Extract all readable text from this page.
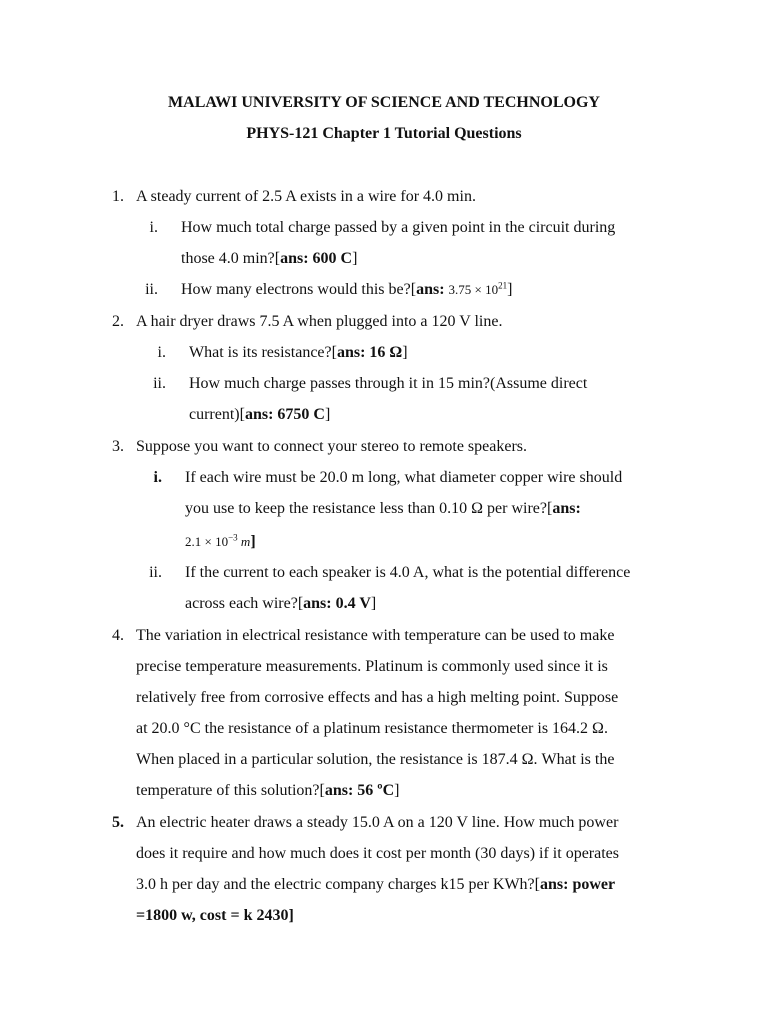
MALAWI UNIVERSITY OF SCIENCE AND TECHNOLOGY
PHYS-121 Chapter 1 Tutorial Questions
1. A steady current of 2.5 A exists in a wire for 4.0 min.
i. How much total charge passed by a given point in the circuit during
those 4.0 min?[ans: 600 C]
ii. How many electrons would this be?[ans: $3.75 \times 10^{21}$]
2. A hair dryer draws 7.5 A when plugged into a 120 V line.
i. What is its resistance?[ans: 16 Ω]
ii. How much charge passes through it in 15 min?(Assume direct
current)[ans: 6750 C]
3. Suppose you want to connect your stereo to remote speakers.
i. If each wire must be 20.0 m long, what diameter copper wire should
you use to keep the resistance less than 0.10 Ω per wire?[ans:
$2.1 \times 10^{-3}$ m]
ii. If the current to each speaker is 4.0 A, what is the potential difference
across each wire?[ans: 0.4 V]
4. The variation in electrical resistance with temperature can be used to make
precise temperature measurements. Platinum is commonly used since it is
relatively free from corrosive effects and has a high melting point. Suppose
at 20.0 °C the resistance of a platinum resistance thermometer is 164.2 Ω.
When placed in a particular solution, the resistance is 187.4 Ω. What is the
temperature of this solution?[ans: 56 ºC]
5. An electric heater draws a steady 15.0 A on a 120 V line. How much power
does it require and how much does it cost per month (30 days) if it operates
3.0 h per day and the electric company charges k15 per KWh?[ans: power
=1800 w, cost = k 2430]
